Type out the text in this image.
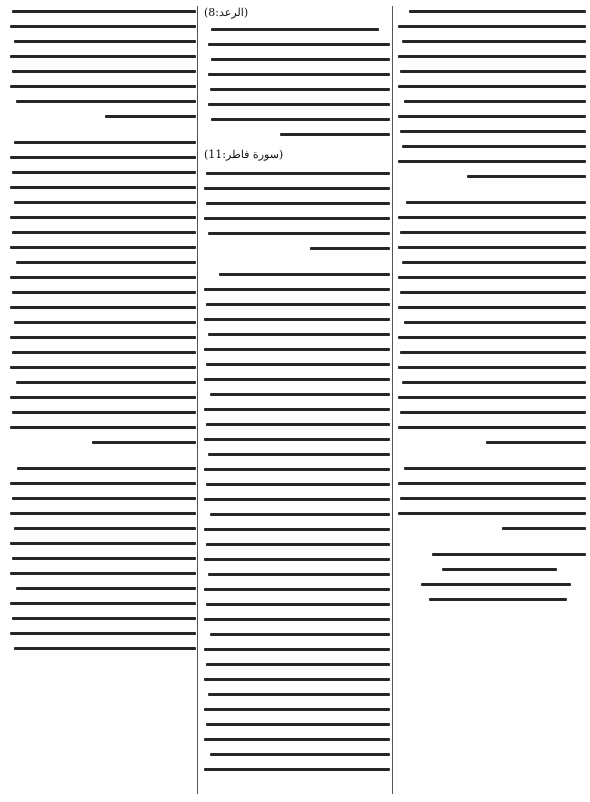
(الرعد:8)
(سورة فاطر:11)
